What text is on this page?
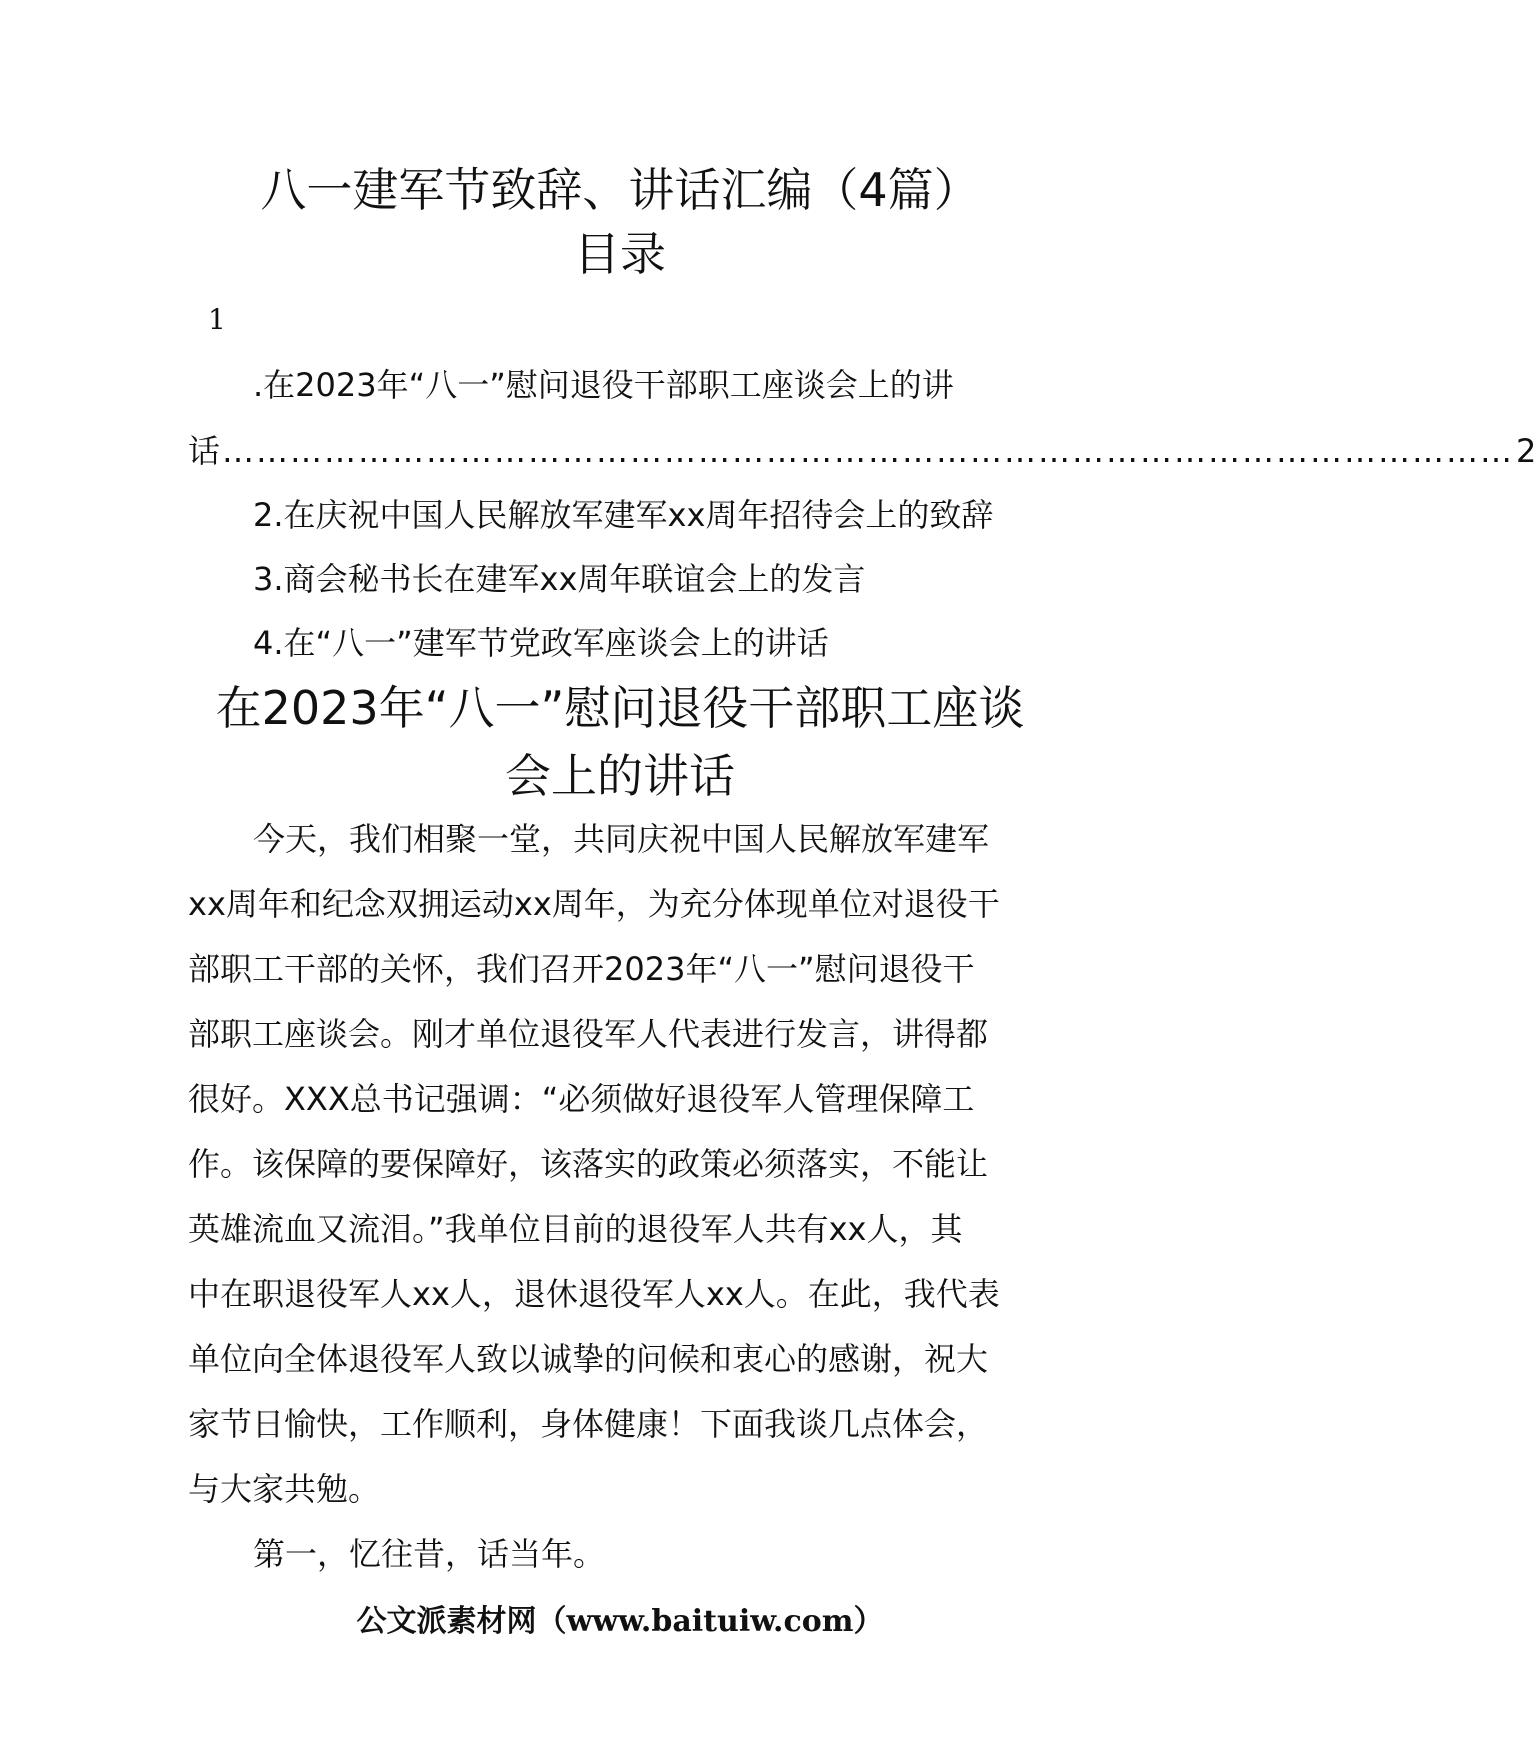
八一建军节致辞、讲话汇编（4篇）
目录
1
.在2023年“八一”慰问退役干部职工座谈会上的讲
话 …………………………………………………………………………………………………… 2
2.在庆祝中国人民解放军建军xx周年招待会上的致辞
3.商会秘书长在建军xx周年联谊会上的发言
4.在“八一”建军节党政军座谈会上的讲话
在2023年“八一”慰问退役干部职工座谈
会上的讲话
今天，我们相聚一堂，共同庆祝中国人民解放军建军
xx周年和纪念双拥运动xx周年，为充分体现单位对退役干
部职工干部的关怀，我们召开2023年“八一”慰问退役干
部职工座谈会。刚才单位退役军人代表进行发言，讲得都
很好。XXX总书记强调：“必须做好退役军人管理保障工
作。该保障的要保障好，该落实的政策必须落实，不能让
英雄流血又流泪。”我单位目前的退役军人共有xx人，其
中在职退役军人xx人，退休退役军人xx人。在此，我代表
单位向全体退役军人致以诚挚的问候和衷心的感谢，祝大
家节日愉快，工作顺利，身体健康！下面我谈几点体会，
与大家共勉。
第一，忆往昔，话当年。
公文派素材网（www.baituiw.com）
